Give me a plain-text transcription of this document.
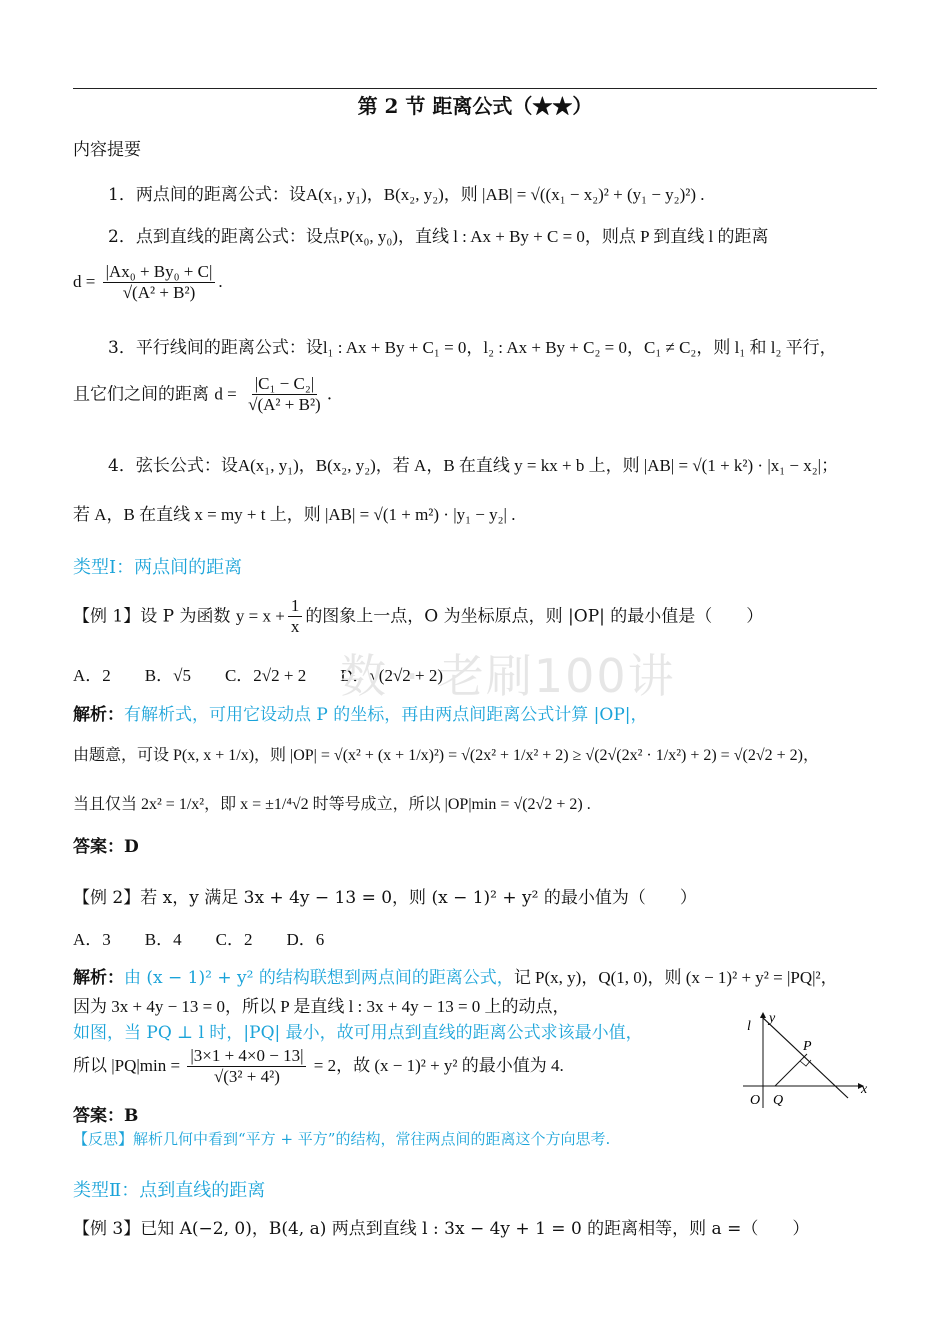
第 2 节 距离公式（★★）
内容提要
1．两点间的距离公式：设A(x₁, y₁)，B(x₂, y₂)，则 |AB| = √((x₁ − x₂)² + (y₁ − y₂)²) .
2．点到直线的距离公式：设点P(x₀, y₀)，直线 l : Ax + By + C = 0，则点 P 到直线 l 的距离
$d = \frac{\text{|Ax₀ + By₀ + C|}}{\text{√(A² + B²)}}$ .
3．平行线间的距离公式：设l₁ : Ax + By + C₁ = 0，l₂ : Ax + By + C₂ = 0，C₁ ≠ C₂，则 l₁ 和 l₂ 平行，
且它们之间的距离 $d = \frac{\text{|C₁ − C₂|}}{\text{√(A² + B²)}}$ .
4．弦长公式：设A(x₁, y₁)，B(x₂, y₂)，若 A，B 在直线 y = kx + b 上，则 |AB| = √(1 + k²) · |x₁ − x₂|；
若 A，B 在直线 x = my + t 上，则 |AB| = √(1 + m²) · |y₁ − y₂| .
类型Ⅰ：两点间的距离
【例 1】设 P 为函数 $y = x + \frac{1}{x}$ 的图象上一点，O 为坐标原点，则 |OP| 的最小值是（　　）
A．2　　B．√5　　C．2√2 + 2　　D．√(2√2 + 2)
数 · 老刷100讲
解析：有解析式，可用它设动点 P 的坐标，再由两点间距离公式计算 |OP|，
由题意，可设 P(x, x + 1/x)，则 |OP| = √(x² + (x + 1/x)²) = √(2x² + 1/x² + 2) ≥ √(2√(2x² · 1/x²) + 2) = √(2√2 + 2)，
当且仅当 2x² = 1/x²，即 x = ±1/⁴√2 时等号成立，所以 |OP|min = √(2√2 + 2) .
答案：D
【例 2】若 x，y 满足 3x + 4y − 13 = 0，则 (x − 1)² + y² 的最小值为（　　）
A．3　　B．4　　C．2　　D．6
解析：由 (x − 1)² + y² 的结构联想到两点间的距离公式，记 P(x, y)，Q(1, 0)，则 (x − 1)² + y² = |PQ|²，
因为 3x + 4y − 13 = 0，所以 P 是直线 l : 3x + 4y − 13 = 0 上的动点，
如图，当 PQ ⊥ l 时，|PQ| 最小，故可用点到直线的距离公式求该最小值，
所以 $|PQ|\min = \frac{|3\times 1 + 4\times 0 - 13|}{\text{√(3² + 4²)}} = 2$，故 (x − 1)² + y² 的最小值为 4.
答案：B
【反思】解析几何中看到“平方 + 平方”的结构，常往两点间的距离这个方向思考.
l
y
x
P
O Q
类型Ⅱ：点到直线的距离
【例 3】已知 A(−2, 0)，B(4, a) 两点到直线 l : 3x − 4y + 1 = 0 的距离相等，则 a =（　　）
